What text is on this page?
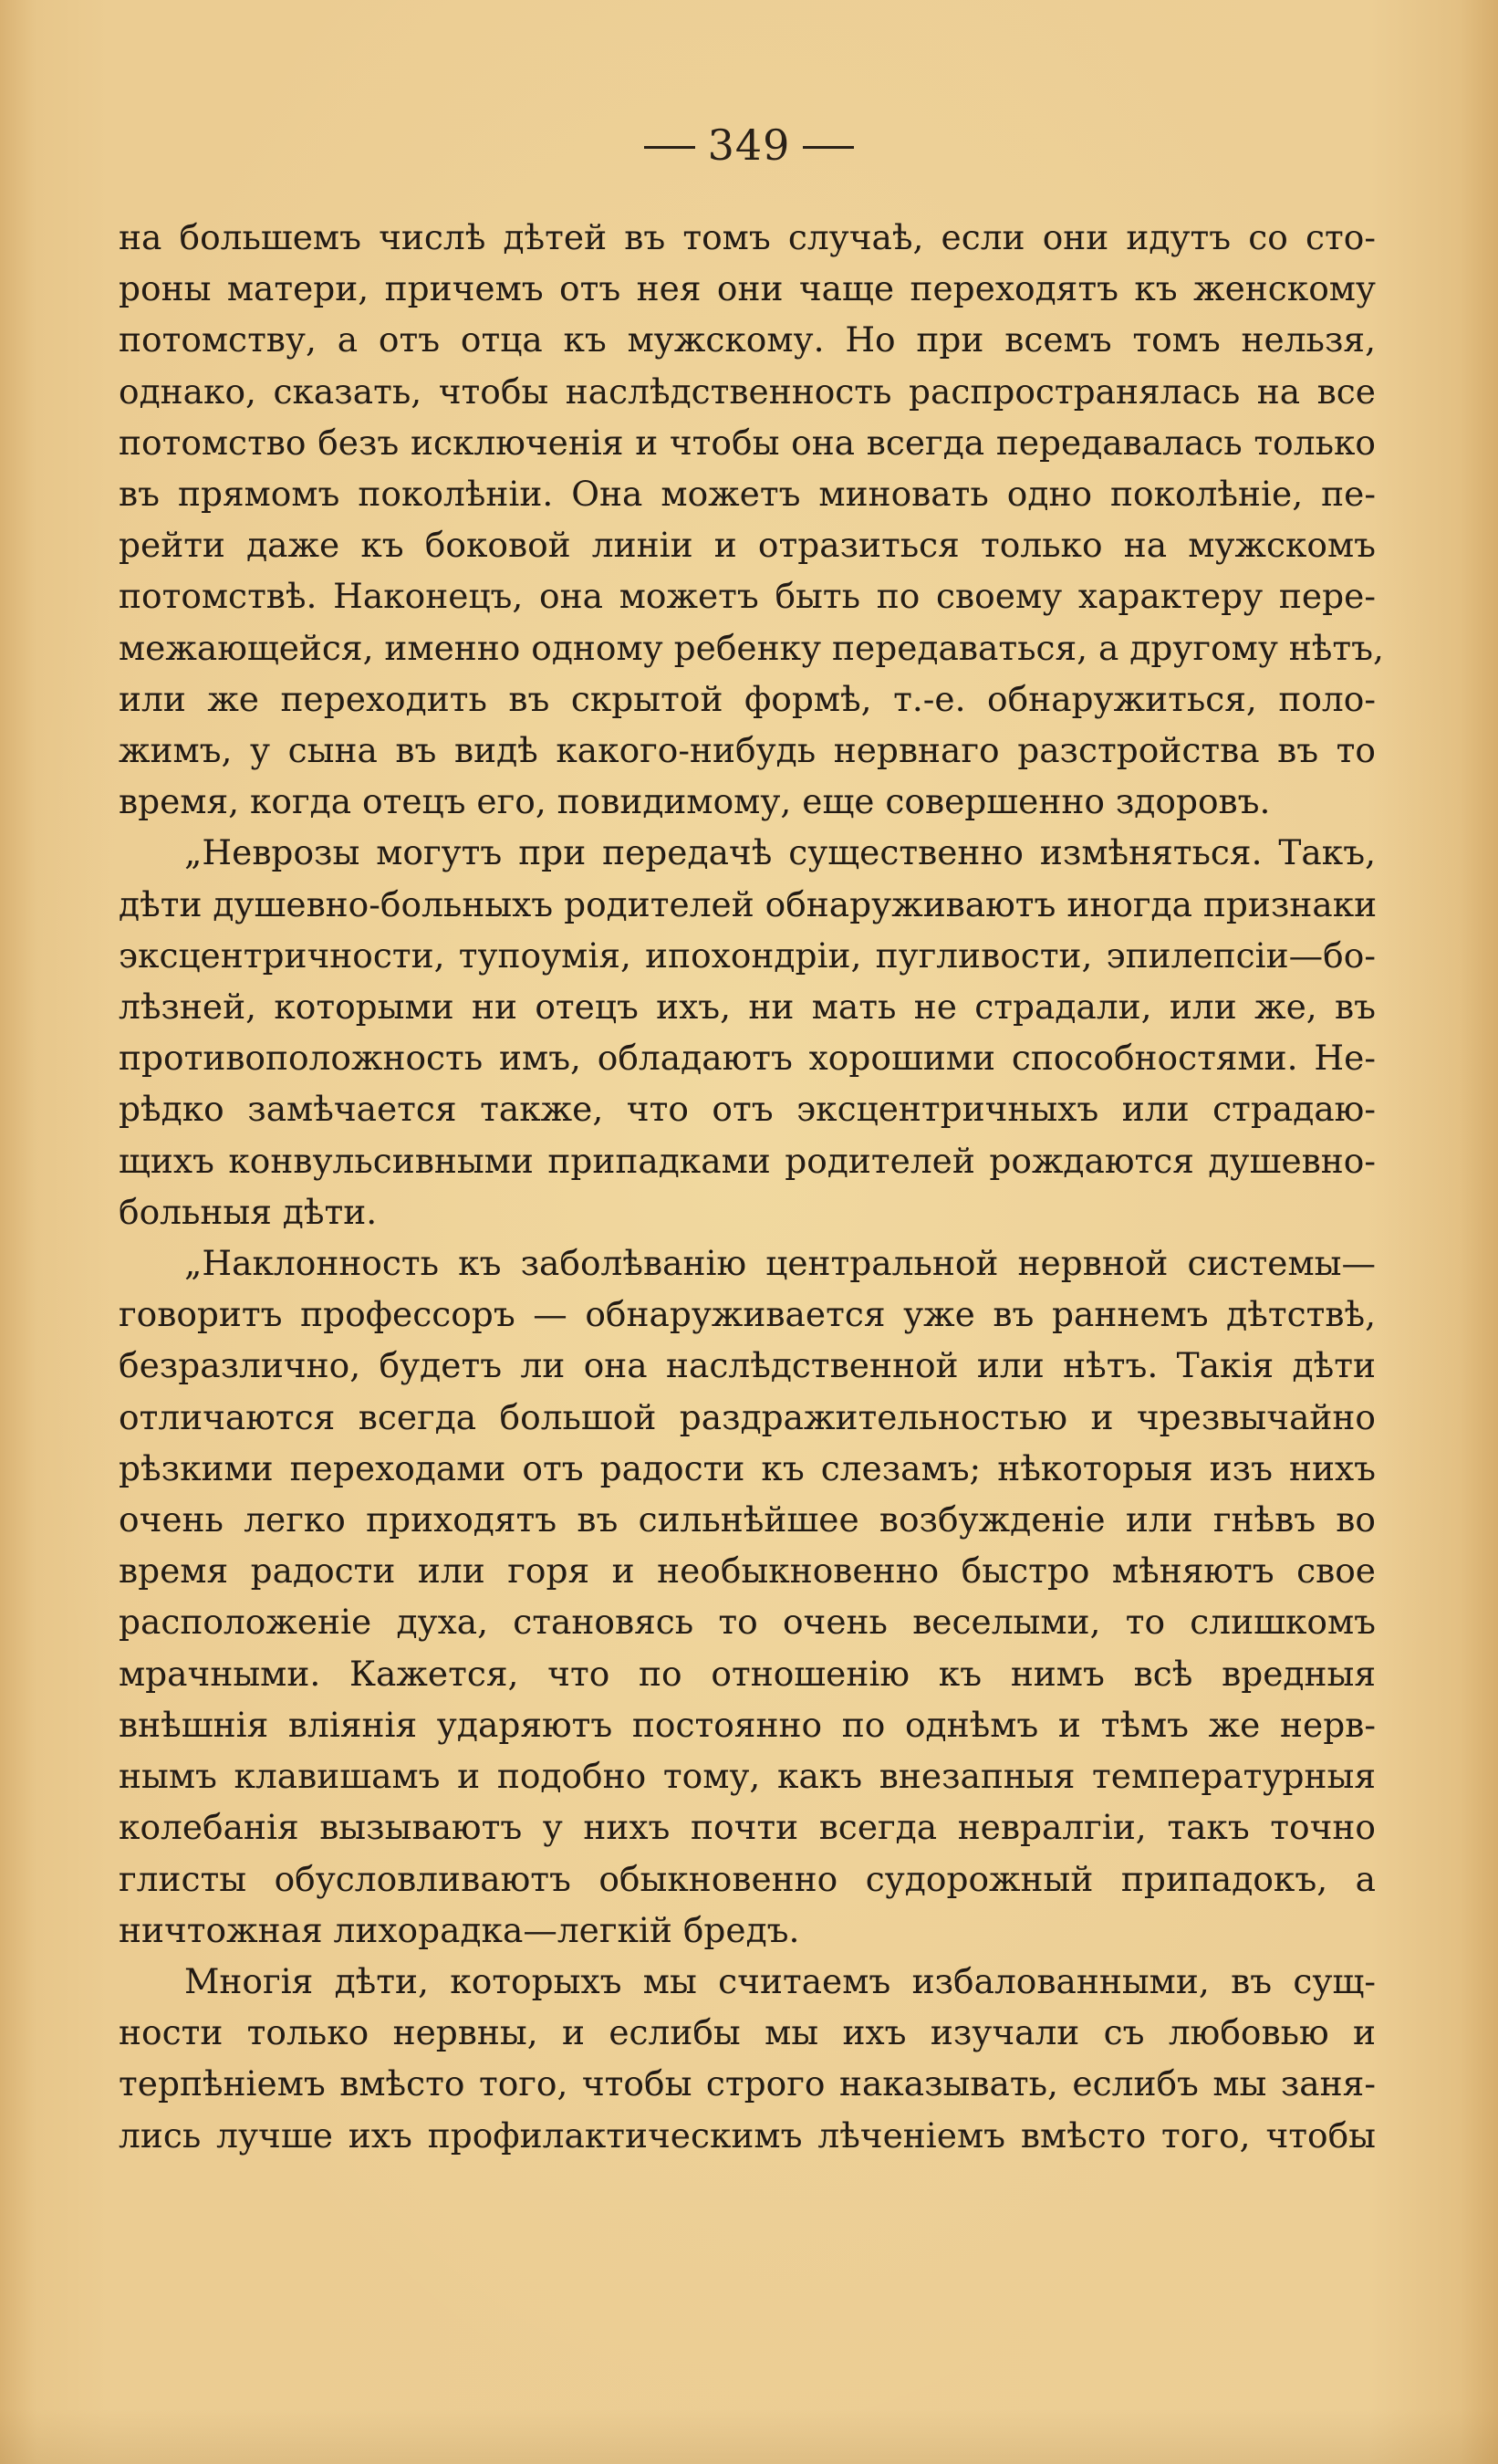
349
на большемъ числѣ дѣтей въ томъ случаѣ, если они идутъ со сто-
роны матери, причемъ отъ нея они чаще переходятъ къ женскому
потомству, а отъ отца къ мужскому. Но при всемъ томъ нельзя,
однако, сказать, чтобы наслѣдственность распространялась на все
потомство безъ исключенія и чтобы она всегда передавалась только
въ прямомъ поколѣніи. Она можетъ миновать одно поколѣніе, пе-
рейти даже къ боковой линіи и отразиться только на мужскомъ
потомствѣ. Наконецъ, она можетъ быть по своему характеру пере-
межающейся, именно одному ребенку передаваться, а другому нѣтъ,
или же переходить въ скрытой формѣ, т.-е. обнаружиться, поло-
жимъ, у сына въ видѣ какого-нибудь нервнаго разстройства въ то
время, когда отецъ его, повидимому, еще совершенно здоровъ.
„Неврозы могутъ при передачѣ существенно измѣняться. Такъ,
дѣти душевно-больныхъ родителей обнаруживаютъ иногда признаки
эксцентричности, тупоумія, ипохондріи, пугливости, эпилепсіи—бо-
лѣзней, которыми ни отецъ ихъ, ни мать не страдали, или же, въ
противоположность имъ, обладаютъ хорошими способностями. Не-
рѣдко замѣчается также, что отъ эксцентричныхъ или страдаю-
щихъ конвульсивными припадками родителей рождаются душевно-
больныя дѣти.
„Наклонность къ заболѣванію центральной нервной системы—
говоритъ профессоръ — обнаруживается уже въ раннемъ дѣтствѣ,
безразлично, будетъ ли она наслѣдственной или нѣтъ. Такія дѣти
отличаются всегда большой раздражительностью и чрезвычайно
рѣзкими переходами отъ радости къ слезамъ; нѣкоторыя изъ нихъ
очень легко приходятъ въ сильнѣйшее возбужденіе или гнѣвъ во
время радости или горя и необыкновенно быстро мѣняютъ свое
расположеніе духа, становясь то очень веселыми, то слишкомъ
мрачными. Кажется, что по отношенію къ нимъ всѣ вредныя
внѣшнія вліянія ударяютъ постоянно по однѣмъ и тѣмъ же нерв-
нымъ клавишамъ и подобно тому, какъ внезапныя температурныя
колебанія вызываютъ у нихъ почти всегда невралгіи, такъ точно
глисты обусловливаютъ обыкновенно судорожный припадокъ, а
ничтожная лихорадка—легкій бредъ.
Многія дѣти, которыхъ мы считаемъ избалованными, въ сущ-
ности только нервны, и еслибы мы ихъ изучали съ любовью и
терпѣніемъ вмѣсто того, чтобы строго наказывать, еслибъ мы заня-
лись лучше ихъ профилактическимъ лѣченіемъ вмѣсто того, чтобы
